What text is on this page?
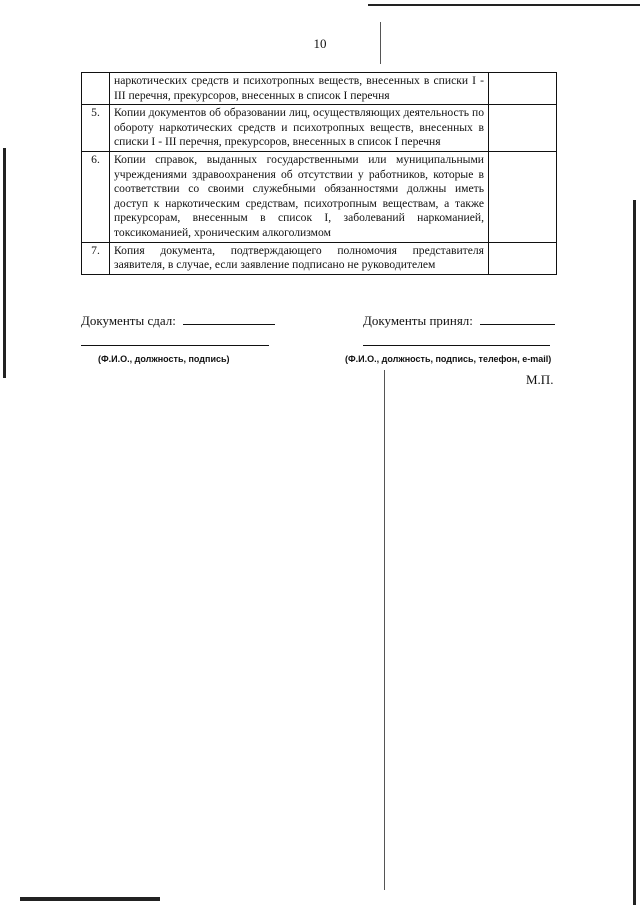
10
	наркотических средств и психотропных веществ, внесенных в списки I - III перечня, прекурсоров, внесенных в список I перечня	
5.	Копии документов об образовании лиц, осуществляющих деятельность по обороту наркотических средств и психотропных веществ, внесенных в списки I - III перечня, прекурсоров, внесенных в список I перечня	
6.	Копии справок, выданных государственными или муниципальными учреждениями здравоохранения об отсутствии у работников, которые в соответствии со своими служебными обязанностями должны иметь доступ к наркотическим средствам, психотропным веществам, а также прекурсорам, внесенным в список I, заболеваний наркоманией, токсикоманией, хроническим алкоголизмом	
7.	Копия документа, подтверждающего полномочия представителя заявителя, в случае, если заявление подписано не руководителем	
Документы сдал:	Документы принял:
(Ф.И.О., должность, подпись)	(Ф.И.О., должность, подпись, телефон, e-mail)
М.П.
